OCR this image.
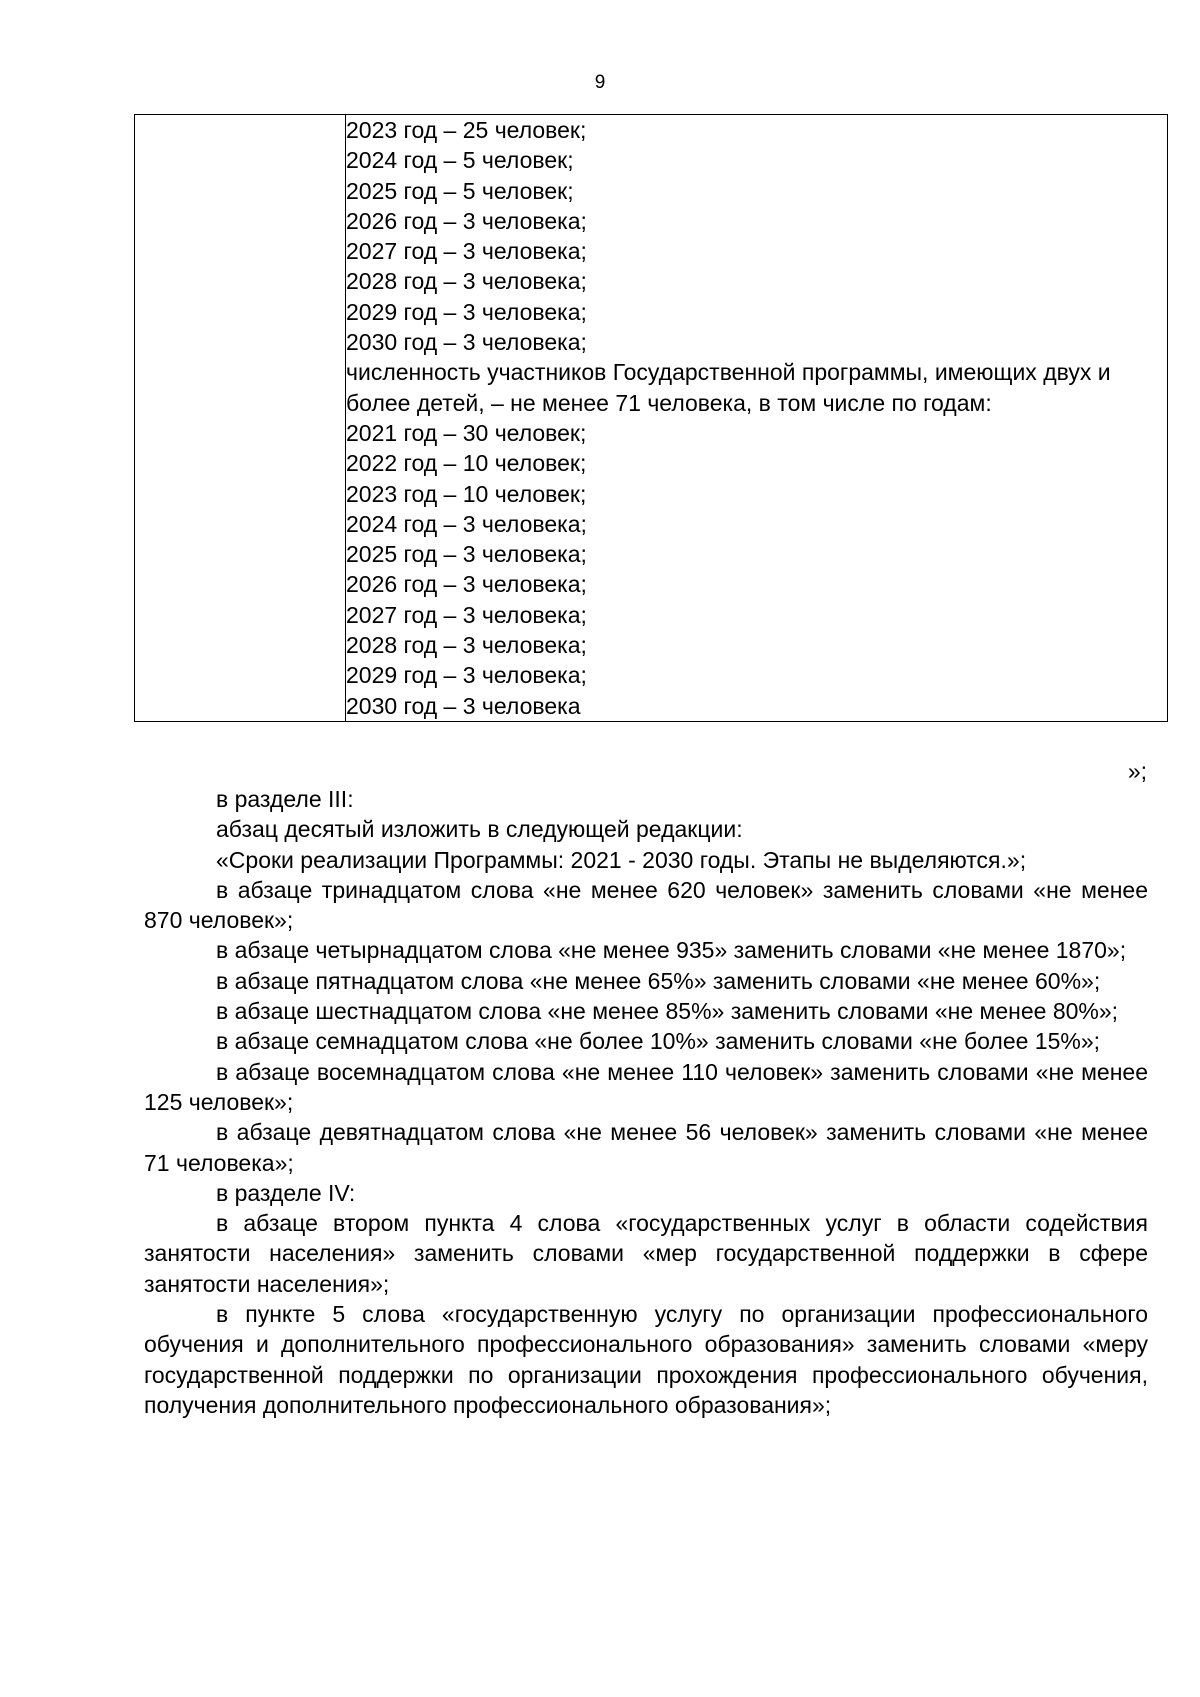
9

2023 год – 25 человек;
2024 год – 5 человек;
2025 год – 5 человек;
2026 год – 3 человека;
2027 год – 3 человека;
2028 год – 3 человека;
2029 год – 3 человека;
2030 год – 3 человека;
численность участников Государственной программы, имеющих двух и более детей, – не менее 71 человека, в том числе по годам:
2021 год – 30 человек;
2022 год – 10 человек;
2023 год – 10 человек;
2024 год – 3 человека;
2025 год – 3 человека;
2026 год – 3 человека;
2027 год – 3 человека;
2028 год – 3 человека;
2029 год – 3 человека;
2030 год – 3 человека
»;

в разделе III:

абзац десятый изложить в следующей редакции:

«Сроки реализации Программы: 2021 - 2030 годы. Этапы не выделяются.»;

в абзаце тринадцатом слова «не менее 620 человек» заменить словами «не менее 870 человек»;

в абзаце четырнадцатом слова «не менее 935» заменить словами «не менее 1870»;

в абзаце пятнадцатом слова «не менее 65%» заменить словами «не менее 60%»;

в абзаце шестнадцатом слова «не менее 85%» заменить словами «не менее 80%»;

в абзаце семнадцатом слова «не более 10%» заменить словами «не более 15%»;

в абзаце восемнадцатом слова «не менее 110 человек» заменить словами «не менее 125 человек»;

в абзаце девятнадцатом слова «не менее 56 человек» заменить словами «не менее 71 человека»;

в разделе IV:

в абзаце втором пункта 4 слова «государственных услуг в области содействия занятости населения» заменить словами «мер государственной поддержки в сфере занятости населения»;

в пункте 5 слова «государственную услугу по организации профессионального обучения и дополнительного профессионального образования» заменить словами «меру государственной поддержки по организации прохождения профессионального обучения, получения дополнительного профессионального образования»;
